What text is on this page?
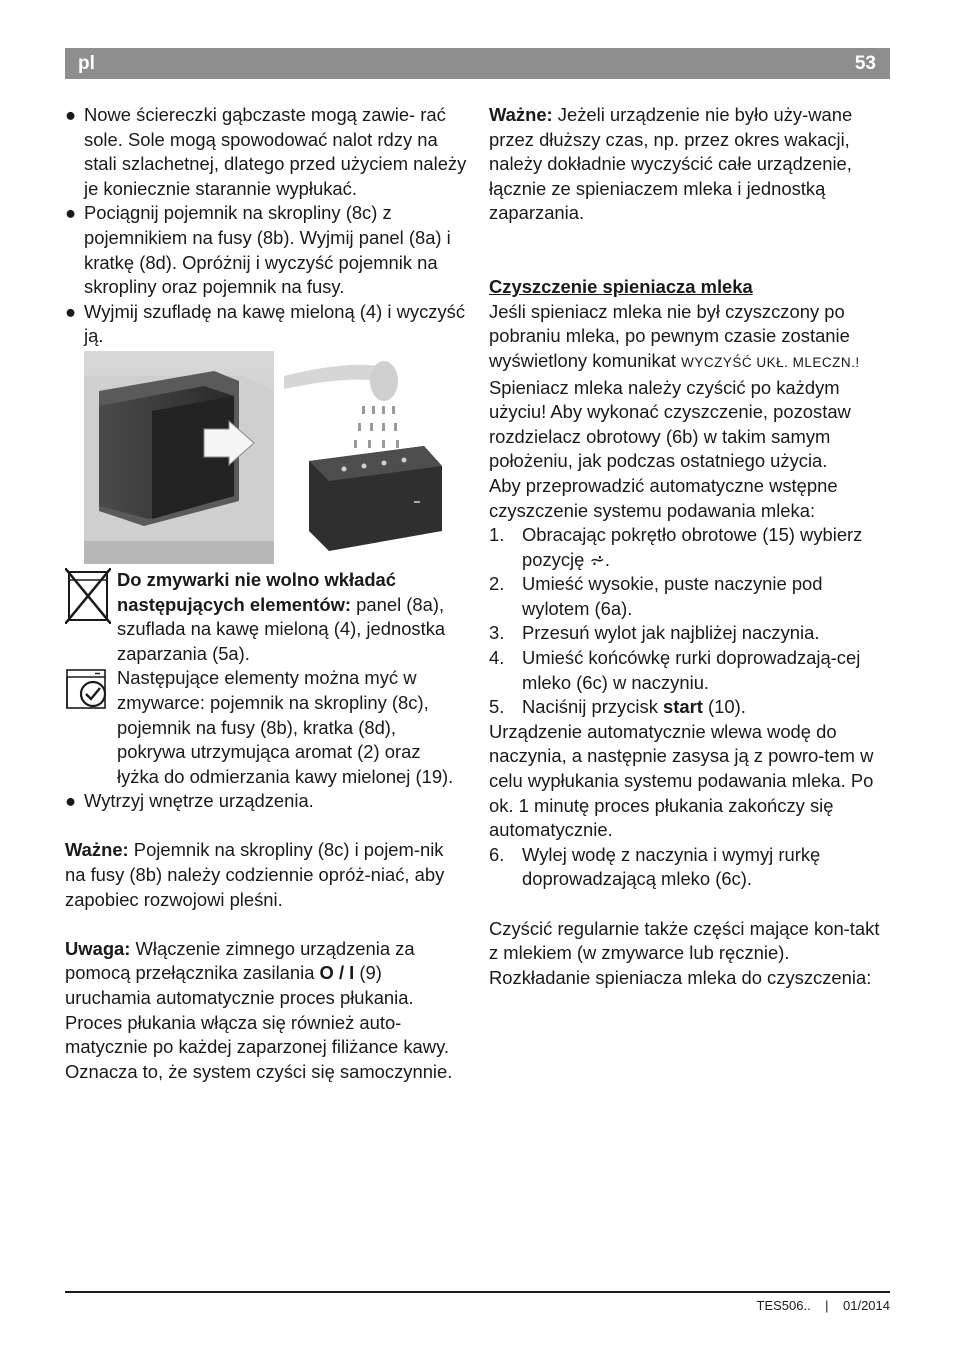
pl	53
● Nowe ściereczki gąbczaste mogą zawie- rać sole. Sole mogą spowodować nalot rdzy na stali szlachetnej, dlatego przed użyciem należy je koniecznie starannie wypłukać.
● Pociągnij pojemnik na skropliny (8c) z pojemnikiem na fusy (8b). Wyjmij panel (8a) i kratkę (8d). Opróżnij i wyczyść pojemnik na skropliny oraz pojemnik na fusy.
● Wyjmij szufladę na kawę mieloną (4) i wyczyść ją.
Do zmywarki nie wolno wkładać następujących elementów: panel (8a), szuflada na kawę mieloną (4), jednostka zaparzania (5a).
Następujące elementy można myć w zmywarce: pojemnik na skropliny (8c), pojemnik na fusy (8b), kratka (8d), pokrywa utrzymująca aromat (2) oraz łyżka do odmierzania kawy mielonej (19).
● Wytrzyj wnętrze urządzenia.

Ważne: Pojemnik na skropliny (8c) i pojem-nik na fusy (8b) należy codziennie opróż-niać, aby zapobiec rozwojowi pleśni.

Uwaga: Włączenie zimnego urządzenia za pomocą przełącznika zasilania O / I (9) uruchamia automatycznie proces płukania. Proces płukania włącza się również auto-matycznie po każdej zaparzonej filiżance kawy. Oznacza to, że system czyści się samoczynnie.

Ważne: Jeżeli urządzenie nie było uży-wane przez dłuższy czas, np. przez okres wakacji, należy dokładnie wyczyścić całe urządzenie, łącznie ze spieniaczem mleka i jednostką zaparzania.

Czyszczenie spieniacza mleka

Jeśli spieniacz mleka nie był czyszczony po pobraniu mleka, po pewnym czasie zostanie wyświetlony komunikat WYCZYŚĆ UKŁ. MLECZN.!

Spieniacz mleka należy czyścić po każdym użyciu! Aby wykonać czyszczenie, pozostaw rozdzielacz obrotowy (6b) w takim samym położeniu, jak podczas ostatniego użycia.

Aby przeprowadzić automatyczne wstępne czyszczenie systemu podawania mleka:

1. Obracając pokrętło obrotowe (15) wybierz pozycję ⩫.
2. Umieść wysokie, puste naczynie pod wylotem (6a).
3. Przesuń wylot jak najbliżej naczynia.
4. Umieść końcówkę rurki doprowadzają-cej mleko (6c) w naczyniu.
5. Naciśnij przycisk start (10).

Urządzenie automatycznie wlewa wodę do naczynia, a następnie zasysa ją z powro-tem w celu wypłukania systemu podawania mleka. Po ok. 1 minutę proces płukania zakończy się automatycznie.

6. Wylej wodę z naczynia i wymyj rurkę doprowadzającą mleko (6c).

Czyścić regularnie także części mające kon-takt z mlekiem (w zmywarce lub ręcznie). Rozkładanie spieniacza mleka do czyszczenia:

TES506.. | 01/2014
